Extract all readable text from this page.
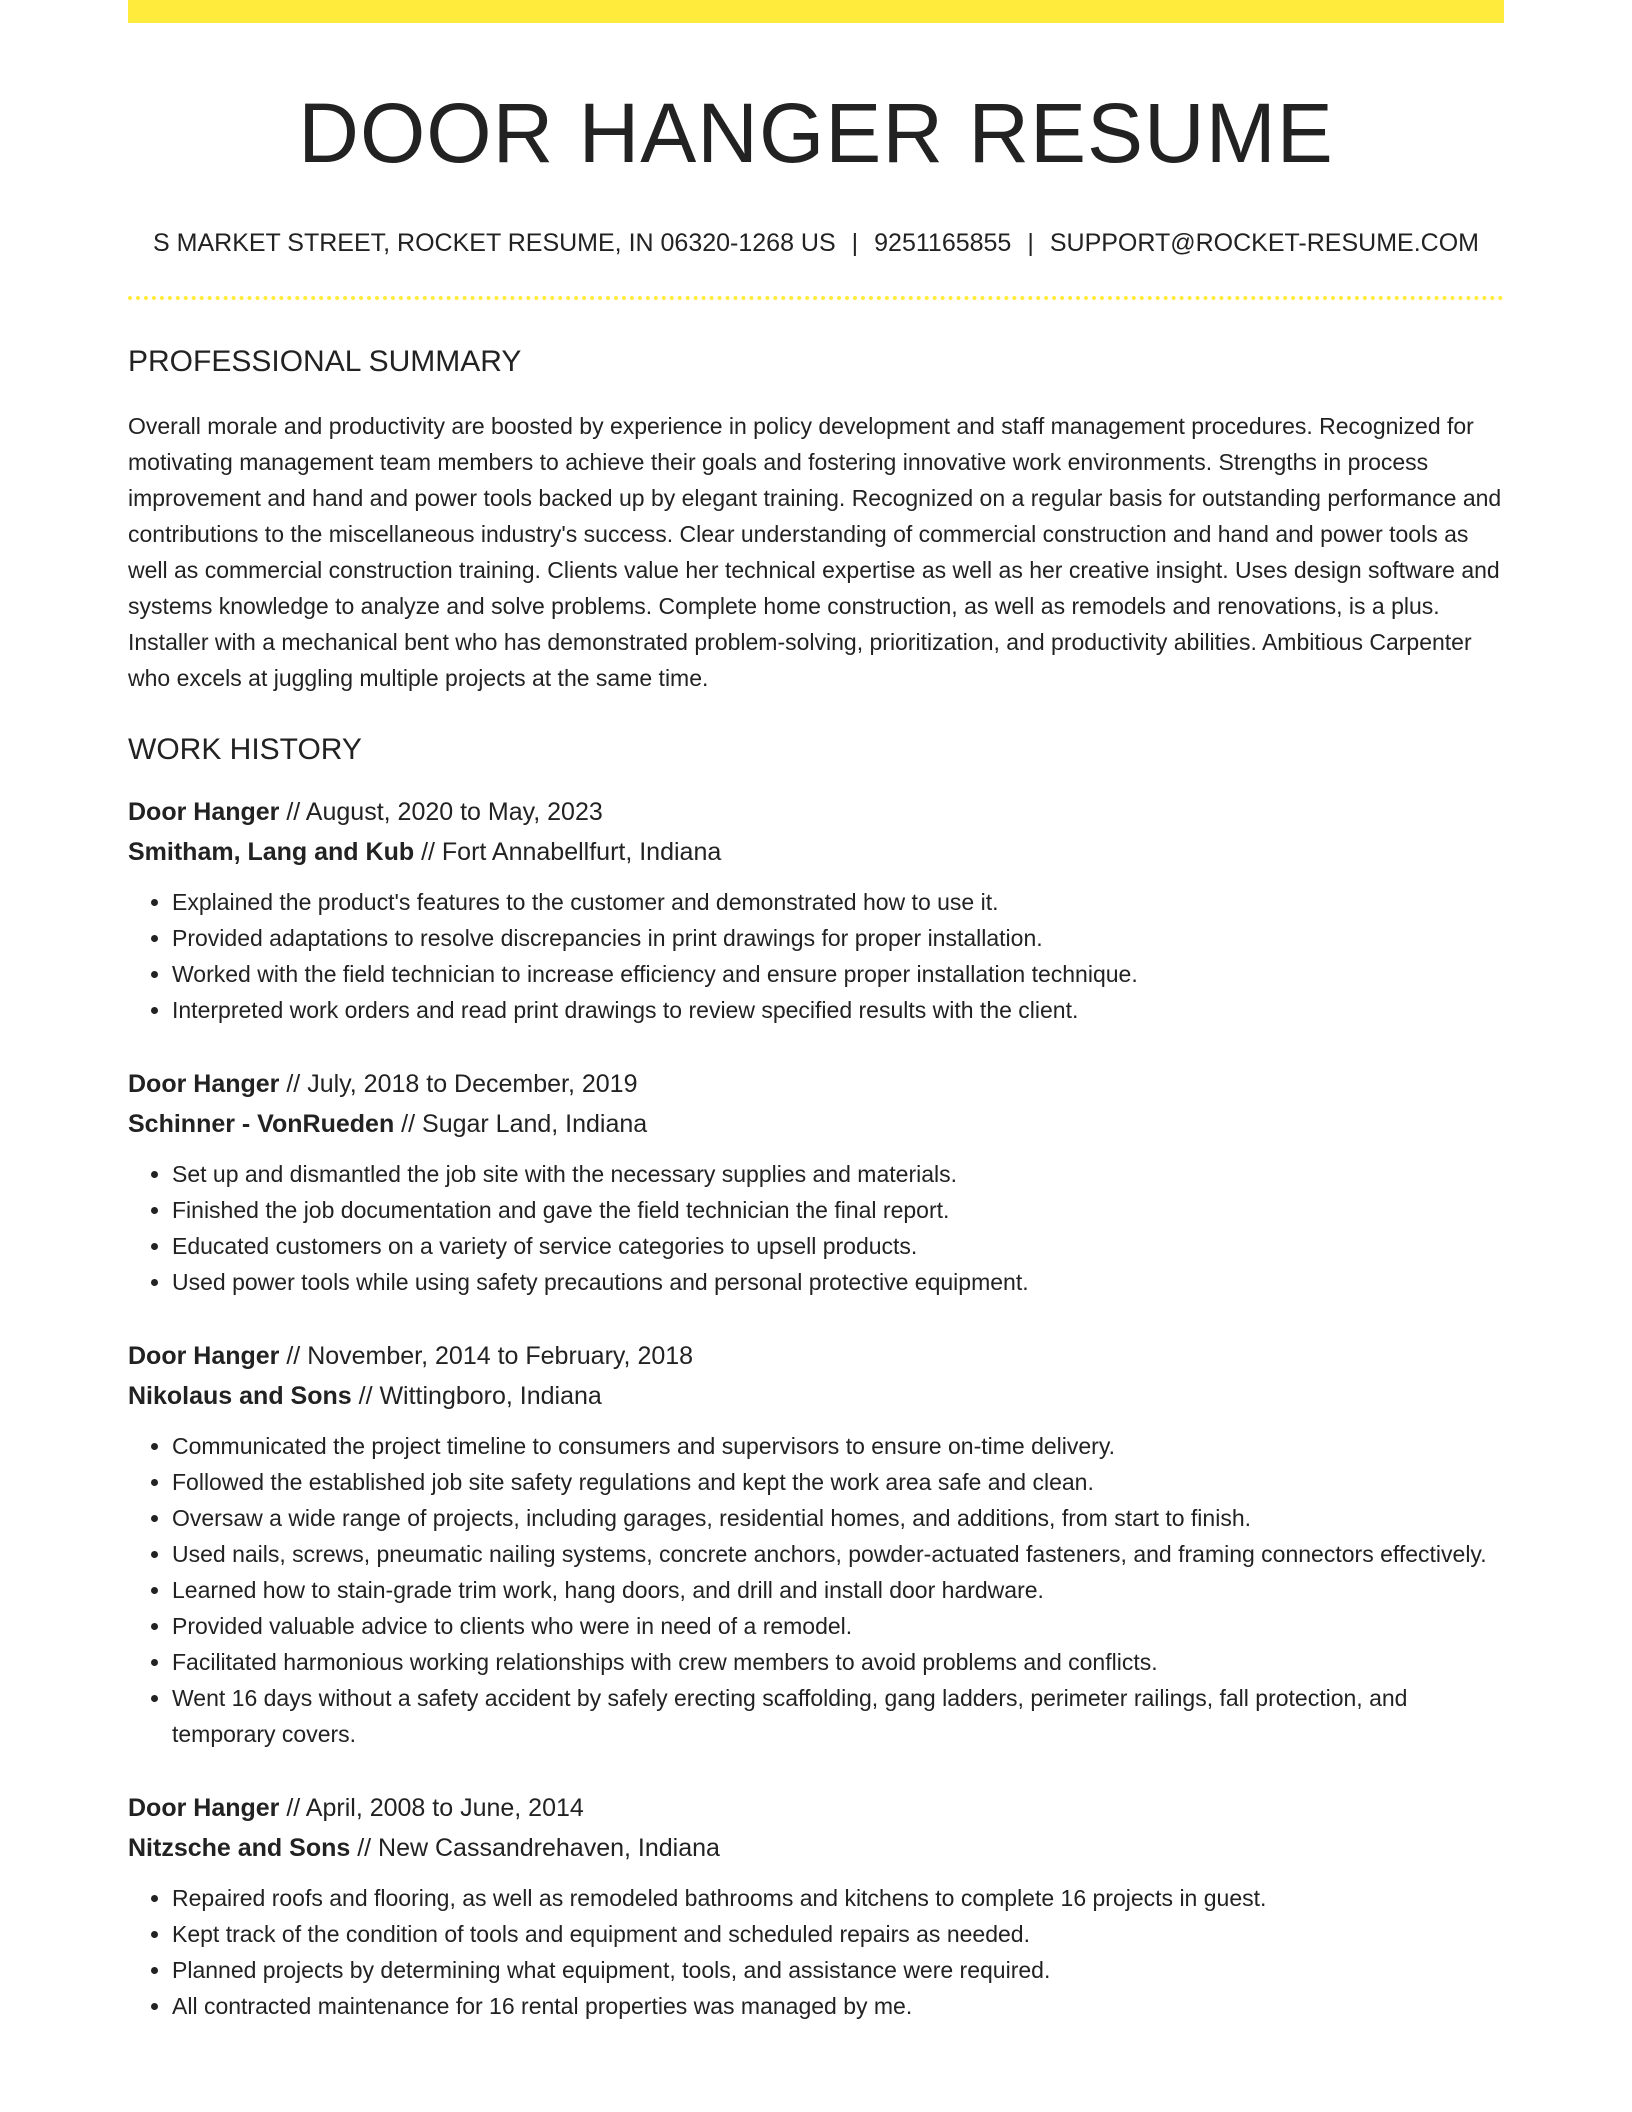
DOOR HANGER RESUME
S MARKET STREET, ROCKET RESUME, IN 06320-1268 US | 9251165855 | SUPPORT@ROCKET-RESUME.COM
PROFESSIONAL SUMMARY

Overall morale and productivity are boosted by experience in policy development and staff management procedures. Recognized for motivating management team members to achieve their goals and fostering innovative work environments. Strengths in process improvement and hand and power tools backed up by elegant training. Recognized on a regular basis for outstanding performance and contributions to the miscellaneous industry's success. Clear understanding of commercial construction and hand and power tools as well as commercial construction training. Clients value her technical expertise as well as her creative insight. Uses design software and systems knowledge to analyze and solve problems. Complete home construction, as well as remodels and renovations, is a plus. Installer with a mechanical bent who has demonstrated problem-solving, prioritization, and productivity abilities. Ambitious Carpenter who excels at juggling multiple projects at the same time.

WORK HISTORY
Door Hanger // August, 2020 to May, 2023
Smitham, Lang and Kub // Fort Annabellfurt, Indiana
• Explained the product's features to the customer and demonstrated how to use it.
• Provided adaptations to resolve discrepancies in print drawings for proper installation.
• Worked with the field technician to increase efficiency and ensure proper installation technique.
• Interpreted work orders and read print drawings to review specified results with the client.
Door Hanger // July, 2018 to December, 2019
Schinner - VonRueden // Sugar Land, Indiana
• Set up and dismantled the job site with the necessary supplies and materials.
• Finished the job documentation and gave the field technician the final report.
• Educated customers on a variety of service categories to upsell products.
• Used power tools while using safety precautions and personal protective equipment.
Door Hanger // November, 2014 to February, 2018
Nikolaus and Sons // Wittingboro, Indiana
• Communicated the project timeline to consumers and supervisors to ensure on-time delivery.
• Followed the established job site safety regulations and kept the work area safe and clean.
• Oversaw a wide range of projects, including garages, residential homes, and additions, from start to finish.
• Used nails, screws, pneumatic nailing systems, concrete anchors, powder-actuated fasteners, and framing connectors effectively.
• Learned how to stain-grade trim work, hang doors, and drill and install door hardware.
• Provided valuable advice to clients who were in need of a remodel.
• Facilitated harmonious working relationships with crew members to avoid problems and conflicts.
• Went 16 days without a safety accident by safely erecting scaffolding, gang ladders, perimeter railings, fall protection, and temporary covers.
Door Hanger // April, 2008 to June, 2014
Nitzsche and Sons // New Cassandrehaven, Indiana
• Repaired roofs and flooring, as well as remodeled bathrooms and kitchens to complete 16 projects in guest.
• Kept track of the condition of tools and equipment and scheduled repairs as needed.
• Planned projects by determining what equipment, tools, and assistance were required.
• All contracted maintenance for 16 rental properties was managed by me.
